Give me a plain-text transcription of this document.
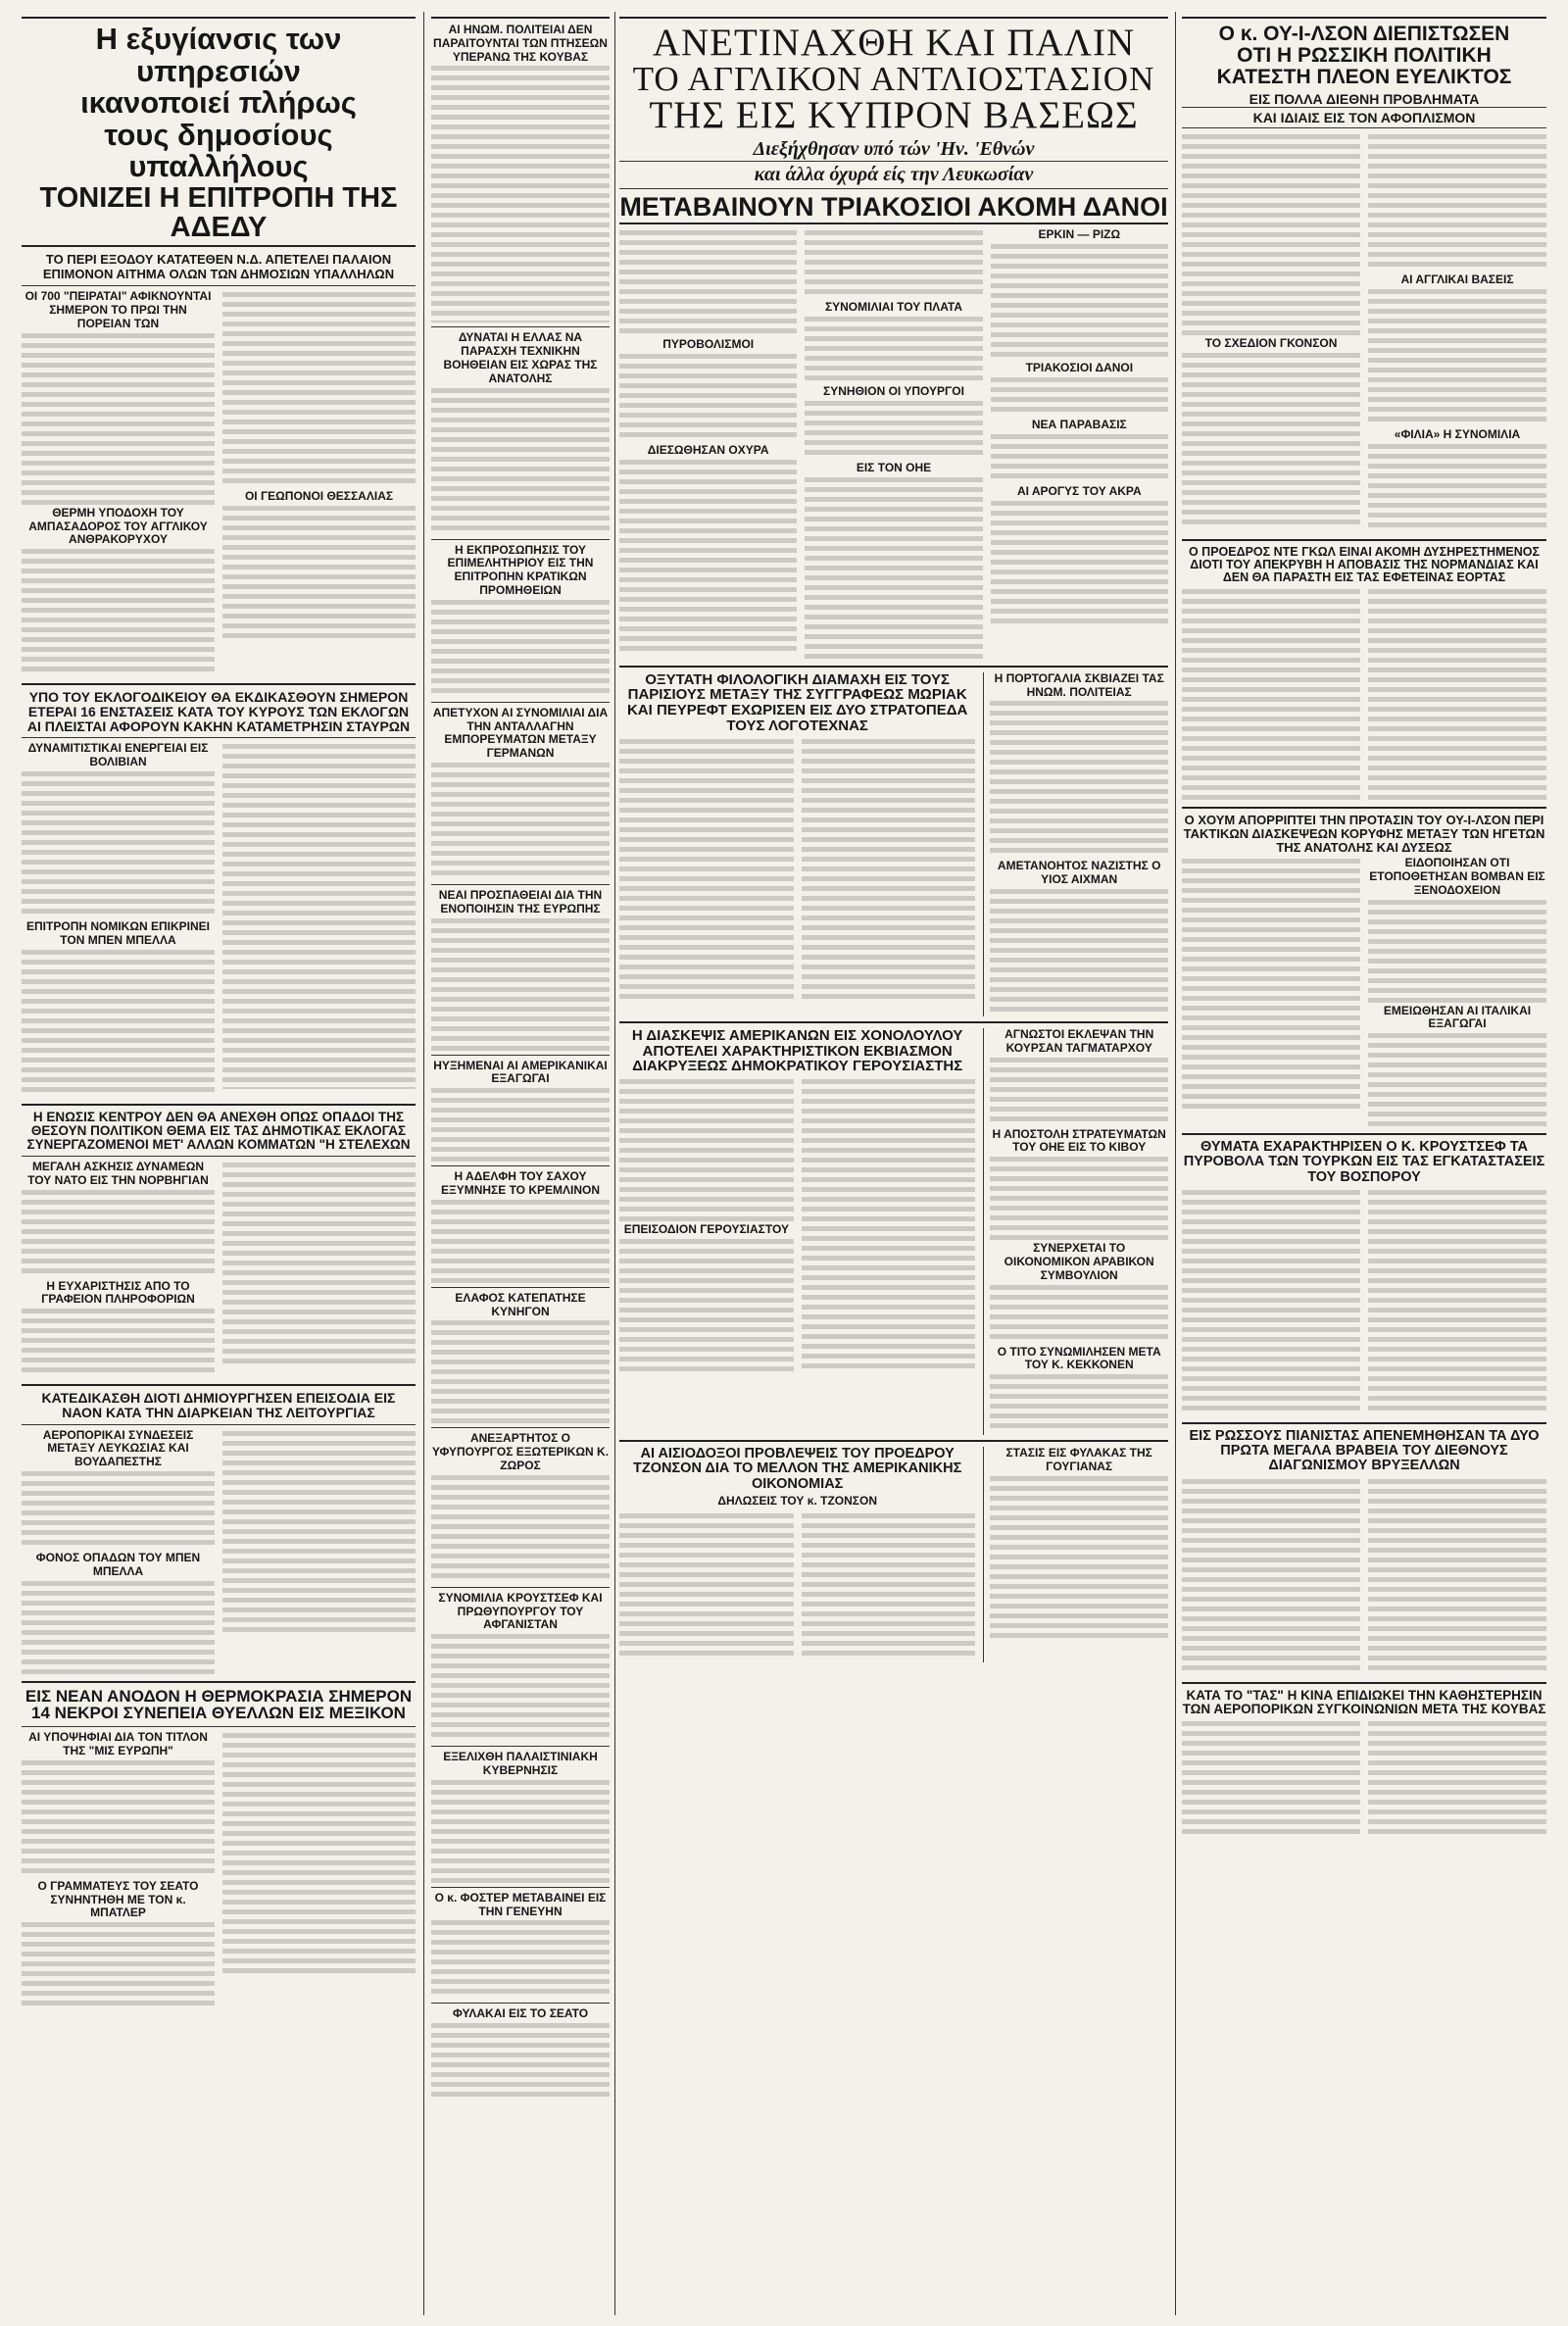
Η εξυγίανσις των υπηρεσιών

ικανοποιεί πλήρως

τους δημοσίους υπαλλήλους

ΤΟΝΙΖΕΙ Η ΕΠΙΤΡΟΠΗ ΤΗΣ ΑΔΕΔΥ

ΤΟ ΠΕΡΙ ΕΞΟΔΟΥ ΚΑΤΑΤΕΘΕΝ Ν.Δ. ΑΠΕΤΕΛΕΙ ΠΑΛΑΙΟΝ ΕΠΙΜΟΝΟΝ ΑΙΤΗΜΑ ΟΛΩΝ ΤΩΝ ΔΗΜΟΣΙΩΝ ΥΠΑΛΛΗΛΩΝ

ΟΙ 700 "ΠΕΙΡΑΤΑΙ" ΑΦΙΚΝΟΥΝΤΑΙ ΣΗΜΕΡΟΝ ΤΟ ΠΡΩΙ ΤΗΝ ΠΟΡΕΙΑΝ ΤΩΝ

ΘΕΡΜΗ ΥΠΟΔΟΧΗ ΤΟΥ ΑΜΠΑΣΑΔΟΡΟΣ ΤΟΥ ΑΓΓΛΙΚΟΥ ΑΝΘΡΑΚΟΡΥΧΟΥ

ΟΙ ΓΕΩΠΟΝΟΙ ΘΕΣΣΑΛΙΑΣ

ΥΠΟ ΤΟΥ ΕΚΛΟΓΟΔΙΚΕΙΟΥ ΘΑ ΕΚΔΙΚΑΣΘΟΥΝ ΣΗΜΕΡΟΝ ΕΤΕΡΑΙ 16 ΕΝΣΤΑΣΕΙΣ ΚΑΤΑ ΤΟΥ ΚΥΡΟΥΣ ΤΩΝ ΕΚΛΟΓΩΝ ΑΙ ΠΛΕΙΣΤΑΙ ΑΦΟΡΟΥΝ ΚΑΚΗΝ ΚΑΤΑΜΕΤΡΗΣΙΝ ΣΤΑΥΡΩΝ

ΔΥΝΑΜΙΤΙΣΤΙΚΑΙ ΕΝΕΡΓΕΙΑΙ ΕΙΣ ΒΟΛΙΒΙΑΝ

ΕΠΙΤΡΟΠΗ ΝΟΜΙΚΩΝ ΕΠΙΚΡΙΝΕΙ ΤΟΝ ΜΠΕΝ ΜΠΕΛΛΑ

Η ΕΝΩΣΙΣ ΚΕΝΤΡΟΥ ΔΕΝ ΘΑ ΑΝΕΧΘΗ ΟΠΩΣ ΟΠΑΔΟΙ ΤΗΣ ΘΕΣΟΥΝ ΠΟΛΙΤΙΚΟΝ ΘΕΜΑ ΕΙΣ ΤΑΣ ΔΗΜΟΤΙΚΑΣ ΕΚΛΟΓΑΣ ΣΥΝΕΡΓΑΖΟΜΕΝΟΙ ΜΕΤ' ΑΛΛΩΝ ΚΟΜΜΑΤΩΝ "Η ΣΤΕΛΕΧΩΝ

ΜΕΓΑΛΗ ΑΣΚΗΣΙΣ ΔΥΝΑΜΕΩΝ ΤΟΥ ΝΑΤΟ ΕΙΣ ΤΗΝ ΝΟΡΒΗΓΙΑΝ

Η ΕΥΧΑΡΙΣΤΗΣΙΣ ΑΠΟ ΤΟ ΓΡΑΦΕΙΟΝ ΠΛΗΡΟΦΟΡΙΩΝ

ΚΑΤΕΔΙΚΑΣΘΗ ΔΙΟΤΙ ΔΗΜΙΟΥΡΓΗΣΕΝ ΕΠΕΙΣΟΔΙΑ ΕΙΣ ΝΑΟΝ ΚΑΤΑ ΤΗΝ ΔΙΑΡΚΕΙΑΝ ΤΗΣ ΛΕΙΤΟΥΡΓΙΑΣ

ΑΕΡΟΠΟΡΙΚΑΙ ΣΥΝΔΕΣΕΙΣ ΜΕΤΑΞΥ ΛΕΥΚΩΣΙΑΣ ΚΑΙ ΒΟΥΔΑΠΕΣΤΗΣ

ΦΟΝΟΣ ΟΠΑΔΩΝ ΤΟΥ ΜΠΕΝ ΜΠΕΛΛΑ

ΕΙΣ ΝΕΑΝ ΑΝΟΔΟΝ Η ΘΕΡΜΟΚΡΑΣΙΑ ΣΗΜΕΡΟΝ 14 ΝΕΚΡΟΙ ΣΥΝΕΠΕΙΑ ΘΥΕΛΛΩΝ ΕΙΣ ΜΕΞΙΚΟΝ

ΑΙ ΥΠΟΨΗΦΙΑΙ ΔΙΑ ΤΟΝ ΤΙΤΛΟΝ ΤΗΣ "ΜΙΣ ΕΥΡΩΠΗ"

Ο ΓΡΑΜΜΑΤΕΥΣ ΤΟΥ ΣΕΑΤΟ ΣΥΝΗΝΤΗΘΗ ΜΕ ΤΟΝ κ. ΜΠΑΤΛΕΡ

ΑΙ ΗΝΩΜ. ΠΟΛΙΤΕΙΑΙ ΔΕΝ ΠΑΡΑΙΤΟΥΝΤΑΙ ΤΩΝ ΠΤΗΣΕΩΝ ΥΠΕΡΑΝΩ ΤΗΣ ΚΟΥΒΑΣ

ΔΥΝΑΤΑΙ Η ΕΛΛΑΣ ΝΑ ΠΑΡΑΣΧΗ ΤΕΧΝΙΚΗΝ ΒΟΗΘΕΙΑΝ ΕΙΣ ΧΩΡΑΣ ΤΗΣ ΑΝΑΤΟΛΗΣ

Η ΕΚΠΡΟΣΩΠΗΣΙΣ ΤΟΥ ΕΠΙΜΕΛΗΤΗΡΙΟΥ ΕΙΣ ΤΗΝ ΕΠΙΤΡΟΠΗΝ ΚΡΑΤΙΚΩΝ ΠΡΟΜΗΘΕΙΩΝ

ΑΠΕΤΥΧΟΝ ΑΙ ΣΥΝΟΜΙΛΙΑΙ ΔΙΑ ΤΗΝ ΑΝΤΑΛΛΑΓΗΝ ΕΜΠΟΡΕΥΜΑΤΩΝ ΜΕΤΑΞΥ ΓΕΡΜΑΝΩΝ

ΝΕΑΙ ΠΡΟΣΠΑΘΕΙΑΙ ΔΙΑ ΤΗΝ ΕΝΟΠΟΙΗΣΙΝ ΤΗΣ ΕΥΡΩΠΗΣ

ΗΥΞΗΜΕΝΑΙ ΑΙ ΑΜΕΡΙΚΑΝΙΚΑΙ ΕΞΑΓΩΓΑΙ

Η ΑΔΕΛΦΗ ΤΟΥ ΣΑΧΟΥ ΕΞΥΜΝΗΣΕ ΤΟ ΚΡΕΜΛΙΝΟΝ

ΕΛΑΦΟΣ ΚΑΤΕΠΑΤΗΣΕ ΚΥΝΗΓΟΝ

ΑΝΕΞΑΡΤΗΤΟΣ Ο ΥΦΥΠΟΥΡΓΟΣ ΕΞΩΤΕΡΙΚΩΝ Κ. ΖΩΡΟΣ

ΣΥΝΟΜΙΛΙΑ ΚΡΟΥΣΤΣΕΦ ΚΑΙ ΠΡΩΘΥΠΟΥΡΓΟΥ ΤΟΥ ΑΦΓΑΝΙΣΤΑΝ

ΕΞΕΛΙΧΘΗ ΠΑΛΑΙΣΤΙΝΙΑΚΗ ΚΥΒΕΡΝΗΣΙΣ

Ο κ. ΦΟΣΤΕΡ ΜΕΤΑΒΑΙΝΕΙ ΕΙΣ ΤΗΝ ΓΕΝΕΥΗΝ

ΦΥΛΑΚΑΙ ΕΙΣ ΤΟ ΣΕΑΤΟ

ΑΝΕΤΙΝΑΧΘΗ ΚΑΙ ΠΑΛΙΝ

ΤΟ ΑΓΓΛΙΚΟΝ ΑΝΤΛΙΟΣΤΑΣΙΟΝ

ΤΗΣ ΕΙΣ ΚΥΠΡΟΝ ΒΑΣΕΩΣ

Διεξήχθησαν υπό τών 'Ην. 'Εθνών

και άλλα όχυρά είς την Λευκωσίαν

ΜΕΤΑΒΑΙΝΟΥΝ ΤΡΙΑΚΟΣΙΟΙ ΑΚΟΜΗ ΔΑΝΟΙ

ΠΥΡΟΒΟΛΙΣΜΟΙ

ΔΙΕΣΩΘΗΣΑΝ ΟΧΥΡΑ

ΣΥΝΟΜΙΛΙΑΙ ΤΟΥ ΠΛΑΤΑ

ΣΥΝΗΘΙΟΝ ΟΙ ΥΠΟΥΡΓΟΙ

ΕΙΣ ΤΟΝ ΟΗΕ

ΕΡΚΙΝ — ΡΙΖΩ

ΤΡΙΑΚΟΣΙΟΙ ΔΑΝΟΙ

ΝΕΑ ΠΑΡΑΒΑΣΙΣ

ΑΙ ΑΡΟΓΥΣ ΤΟΥ ΑΚΡΑ

ΟΞΥΤΑΤΗ ΦΙΛΟΛΟΓΙΚΗ ΔΙΑΜΑΧΗ ΕΙΣ ΤΟΥΣ ΠΑΡΙΣΙΟΥΣ ΜΕΤΑΞΥ ΤΗΣ ΣΥΓΓΡΑΦΕΩΣ ΜΩΡΙΑΚ ΚΑΙ ΠΕΥΡΕΦΤ ΕΧΩΡΙΣΕΝ ΕΙΣ ΔΥΟ ΣΤΡΑΤΟΠΕΔΑ ΤΟΥΣ ΛΟΓΟΤΕΧΝΑΣ

Η ΠΟΡΤΟΓΑΛΙΑ ΣΚΒΙΑΖΕΙ ΤΑΣ ΗΝΩΜ. ΠΟΛΙΤΕΙΑΣ

ΑΜΕΤΑΝΟΗΤΟΣ ΝΑΖΙΣΤΗΣ Ο ΥΙΟΣ ΑΙΧΜΑΝ

Η ΔΙΑΣΚΕΨΙΣ ΑΜΕΡΙΚΑΝΩΝ ΕΙΣ ΧΟΝΟΛΟΥΛΟΥ ΑΠΟΤΕΛΕΙ ΧΑΡΑΚΤΗΡΙΣΤΙΚΟΝ ΕΚΒΙΑΣΜΟΝ ΔΙΑΚΡΥΞΕΩΣ ΔΗΜΟΚΡΑΤΙΚΟΥ ΓΕΡΟΥΣΙΑΣΤΗΣ

ΕΠΕΙΣΟΔΙΟΝ ΓΕΡΟΥΣΙΑΣΤΟΥ

ΑΓΝΩΣΤΟΙ ΕΚΛΕΨΑΝ ΤΗΝ ΚΟΥΡΣΑΝ ΤΑΓΜΑΤΑΡΧΟΥ

Η ΑΠΟΣΤΟΛΗ ΣΤΡΑΤΕΥΜΑΤΩΝ ΤΟΥ ΟΗΕ ΕΙΣ ΤΟ ΚΙΒΟΥ

ΣΥΝΕΡΧΕΤΑΙ ΤΟ ΟΙΚΟΝΟΜΙΚΟΝ ΑΡΑΒΙΚΟΝ ΣΥΜΒΟΥΛΙΟΝ

Ο ΤΙΤΟ ΣΥΝΩΜΙΛΗΣΕΝ ΜΕΤΑ ΤΟΥ Κ. ΚΕΚΚΟΝΕΝ

ΑΙ ΑΙΣΙΟΔΟΞΟΙ ΠΡΟΒΛΕΨΕΙΣ ΤΟΥ ΠΡΟΕΔΡΟΥ ΤΖΟΝΣΟΝ ΔΙΑ ΤΟ ΜΕΛΛΟΝ ΤΗΣ ΑΜΕΡΙΚΑΝΙΚΗΣ ΟΙΚΟΝΟΜΙΑΣ

ΔΗΛΩΣΕΙΣ ΤΟΥ κ. ΤΖΟΝΣΟΝ

ΣΤΑΣΙΣ ΕΙΣ ΦΥΛΑΚΑΣ ΤΗΣ ΓΟΥΓΙΑΝΑΣ

Ο κ. ΟΥ-Ι-ΛΣΟΝ ΔΙΕΠΙΣΤΩΣΕΝ

ΟΤΙ Η ΡΩΣΣΙΚΗ ΠΟΛΙΤΙΚΗ

ΚΑΤΕΣΤΗ ΠΛΕΟΝ ΕΥΕΛΙΚΤΟΣ

ΕΙΣ ΠΟΛΛΑ ΔΙΕΘΝΗ ΠΡΟΒΛΗΜΑΤΑ

ΚΑΙ ΙΔΙΑΙΣ ΕΙΣ ΤΟΝ ΑΦΟΠΛΙΣΜΟΝ

ΤΟ ΣΧΕΔΙΟΝ ΓΚΟΝΣΟΝ

ΑΙ ΑΓΓΛΙΚΑΙ ΒΑΣΕΙΣ

«ΦΙΛΙΑ» Η ΣΥΝΟΜΙΛΙΑ

Ο ΠΡΟΕΔΡΟΣ ΝΤΕ ΓΚΩΛ ΕΙΝΑΙ ΑΚΟΜΗ ΔΥΣΗΡΕΣΤΗΜΕΝΟΣ ΔΙΟΤΙ ΤΟΥ ΑΠΕΚΡΥΒΗ Η ΑΠΟΒΑΣΙΣ ΤΗΣ ΝΟΡΜΑΝΔΙΑΣ ΚΑΙ ΔΕΝ ΘΑ ΠΑΡΑΣΤΗ ΕΙΣ ΤΑΣ ΕΦΕΤΕΙΝΑΣ ΕΟΡΤΑΣ

Ο ΧΟΥΜ ΑΠΟΡΡΙΠΤΕΙ ΤΗΝ ΠΡΟΤΑΣΙΝ ΤΟΥ ΟΥ-Ι-ΛΣΟΝ ΠΕΡΙ ΤΑΚΤΙΚΩΝ ΔΙΑΣΚΕΨΕΩΝ ΚΟΡΥΦΗΣ ΜΕΤΑΞΥ ΤΩΝ ΗΓΕΤΩΝ ΤΗΣ ΑΝΑΤΟΛΗΣ ΚΑΙ ΔΥΣΕΩΣ

ΕΙΔΟΠΟΙΗΣΑΝ ΟΤΙ ΕΤΟΠΟΘΕΤΗΣΑΝ ΒΟΜΒΑΝ ΕΙΣ ΞΕΝΟΔΟΧΕΙΟΝ

ΕΜΕΙΩΘΗΣΑΝ ΑΙ ΙΤΑΛΙΚΑΙ ΕΞΑΓΩΓΑΙ

ΘΥΜΑΤΑ ΕΧΑΡΑΚΤΗΡΙΣΕΝ Ο Κ. ΚΡΟΥΣΤΣΕΦ ΤΑ ΠΥΡΟΒΟΛΑ ΤΩΝ ΤΟΥΡΚΩΝ ΕΙΣ ΤΑΣ ΕΓΚΑΤΑΣΤΑΣΕΙΣ ΤΟΥ ΒΟΣΠΟΡΟΥ

ΕΙΣ ΡΩΣΣΟΥΣ ΠΙΑΝΙΣΤΑΣ ΑΠΕΝΕΜΗΘΗΣΑΝ ΤΑ ΔΥΟ ΠΡΩΤΑ ΜΕΓΑΛΑ ΒΡΑΒΕΙΑ ΤΟΥ ΔΙΕΘΝΟΥΣ ΔΙΑΓΩΝΙΣΜΟΥ ΒΡΥΞΕΛΛΩΝ

ΚΑΤΑ ΤΟ "ΤΑΣ" Η ΚΙΝΑ ΕΠΙΔΙΩΚΕΙ ΤΗΝ ΚΑΘΗΣΤΕΡΗΣΙΝ ΤΩΝ ΑΕΡΟΠΟΡΙΚΩΝ ΣΥΓΚΟΙΝΩΝΙΩΝ ΜΕΤΑ ΤΗΣ ΚΟΥΒΑΣ
